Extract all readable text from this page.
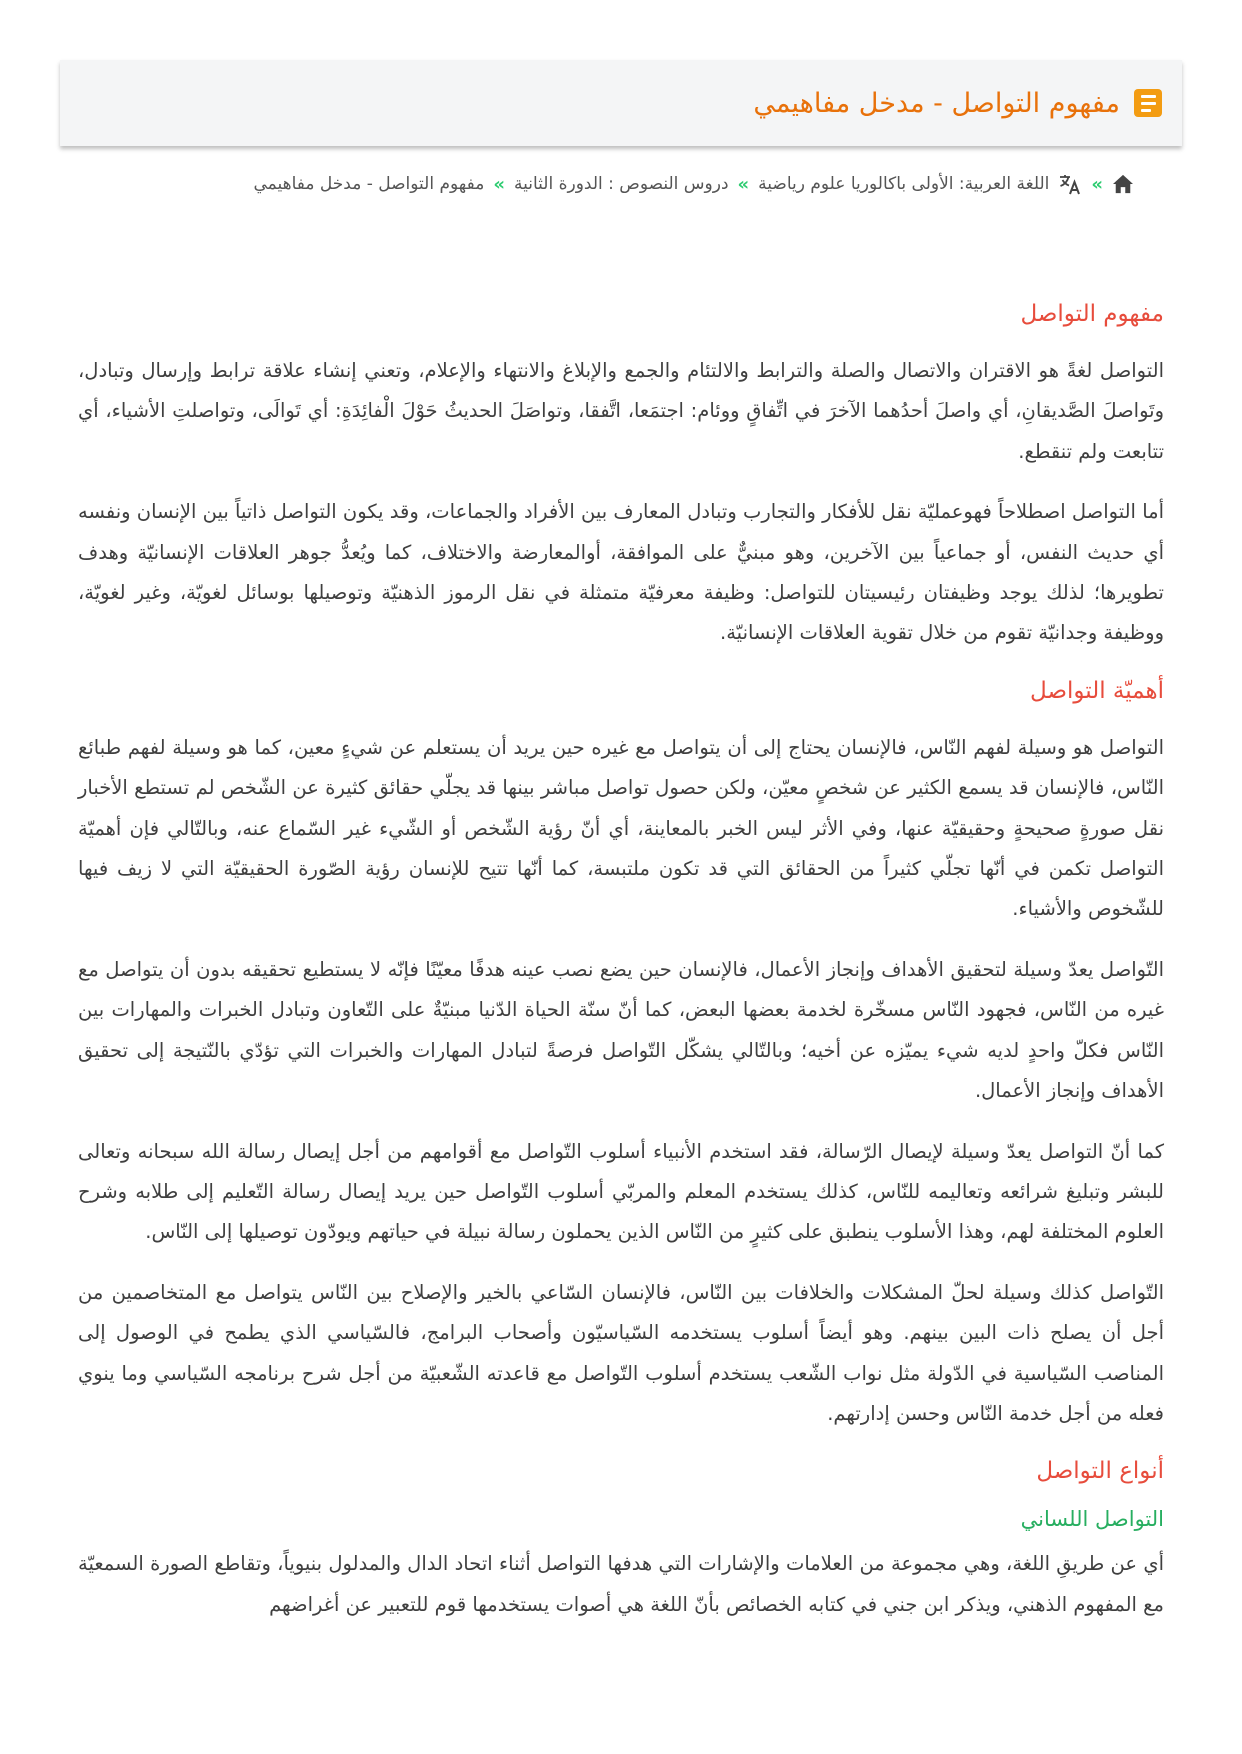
مفهوم التواصل - مدخل مفاهيمي
»
اللغة العربية: الأولى باكالوريا علوم رياضية
»
دروس النصوص : الدورة الثانية
»
مفهوم التواصل - مدخل مفاهيمي
مفهوم التواصل

التواصل لغةً هو الاقتران والاتصال والصلة والترابط والالتئام والجمع والإبلاغ والانتهاء والإعلام، وتعني إنشاء علاقة ترابط وإرسال وتبادل، وتَواصلَ الصَّديقانِ، أي واصلَ أحدُهما الآخرَ في اتِّفاقٍ ووئام: اجتمَعا، اتَّفقا، وتواصَلَ الحديثُ حَوْلَ الْفائِدَةِ: أي تَوالَى، وتواصلتِ الأشياء، أي تتابعت ولم تنقطع.

أما التواصل اصطلاحاً فهوعمليّة نقل للأفكار والتجارب وتبادل المعارف بين الأفراد والجماعات، وقد يكون التواصل ذاتياً بين الإنسان ونفسه أي حديث النفس، أو جماعياً بين الآخرين، وهو مبنيٌّ على الموافقة، أوالمعارضة والاختلاف، كما ويُعدُّ جوهر العلاقات الإنسانيّة وهدف تطويرها؛ لذلك يوجد وظيفتان رئيسيتان للتواصل: وظيفة معرفيّة متمثلة في نقل الرموز الذهنيّة وتوصيلها بوسائل لغويّة، وغير لغويّة، ووظيفة وجدانيّة تقوم من خلال تقوية العلاقات الإنسانيّة.

أهميّة التواصل

التواصل هو وسيلة لفهم النّاس، فالإنسان يحتاج إلى أن يتواصل مع غيره حين يريد أن يستعلم عن شيءٍ معين، كما هو وسيلة لفهم طبائع النّاس، فالإنسان قد يسمع الكثير عن شخصٍ معيّن، ولكن حصول تواصل مباشر بينها قد يجلّي حقائق كثيرة عن الشّخص لم تستطع الأخبار نقل صورةٍ صحيحةٍ وحقيقيّة عنها، وفي الأثر ليس الخبر بالمعاينة، أي أنّ رؤية الشّخص أو الشّيء غير السّماع عنه، وبالتّالي فإن أهميّة التواصل تكمن في أنّها تجلّي كثيراً من الحقائق التي قد تكون ملتبسة، كما أنّها تتيح للإنسان رؤية الصّورة الحقيقيّة التي لا زيف فيها للشّخوص والأشياء.

التّواصل يعدّ وسيلة لتحقيق الأهداف وإنجاز الأعمال، فالإنسان حين يضع نصب عينه هدفًا معيّنًا فإنّه لا يستطيع تحقيقه بدون أن يتواصل مع غيره من النّاس، فجهود النّاس مسخّرة لخدمة بعضها البعض، كما أنّ سنّة الحياة الدّنيا مبنيّةٌ على التّعاون وتبادل الخبرات والمهارات بين النّاس فكلّ واحدٍ لديه شيء يميّزه عن أخيه؛ وبالتّالي يشكّل التّواصل فرصةً لتبادل المهارات والخبرات التي تؤدّي بالنّتيجة إلى تحقيق الأهداف وإنجاز الأعمال.

كما أنّ التواصل يعدّ وسيلة لإيصال الرّسالة، فقد استخدم الأنبياء أسلوب التّواصل مع أقوامهم من أجل إيصال رسالة الله سبحانه وتعالى للبشر وتبليغ شرائعه وتعاليمه للنّاس، كذلك يستخدم المعلم والمربّي أسلوب التّواصل حين يريد إيصال رسالة التّعليم إلى طلابه وشرح العلوم المختلفة لهم، وهذا الأسلوب ينطبق على كثيرٍ من النّاس الذين يحملون رسالة نبيلة في حياتهم ويودّون توصيلها إلى النّاس.

التّواصل كذلك وسيلة لحلّ المشكلات والخلافات بين النّاس، فالإنسان السّاعي بالخير والإصلاح بين النّاس يتواصل مع المتخاصمين من أجل أن يصلح ذات البين بينهم. وهو أيضاً أسلوب يستخدمه السّياسيّون وأصحاب البرامج، فالسّياسي الذي يطمح في الوصول إلى المناصب السّياسية في الدّولة مثل نواب الشّعب يستخدم أسلوب التّواصل مع قاعدته الشّعبيّة من أجل شرح برنامجه السّياسي وما ينوي فعله من أجل خدمة النّاس وحسن إدارتهم.

أنواع التواصل
التواصل اللساني

أي عن طريقِ اللغة، وهي مجموعة من العلامات والإشارات التي هدفها التواصل أثناء اتحاد الدال والمدلول بنيوياً، وتقاطع الصورة السمعيّة مع المفهوم الذهني، ويذكر ابن جني في كتابه الخصائص بأنّ اللغة هي أصوات يستخدمها قوم للتعبير عن أغراضهم
